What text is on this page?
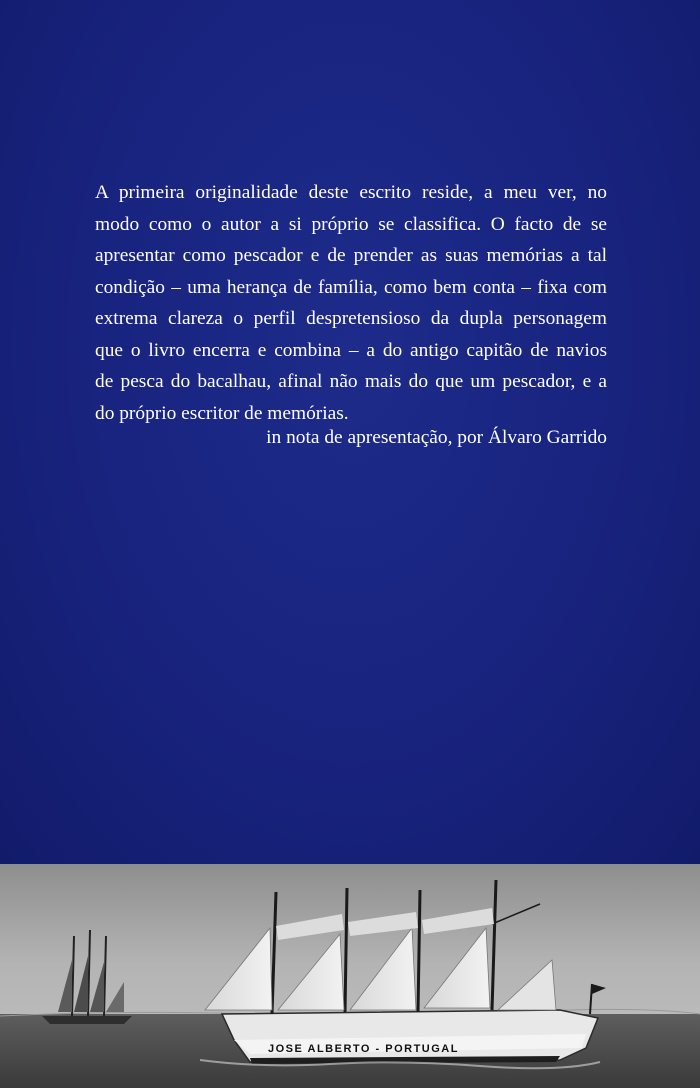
A primeira originalidade deste escrito reside, a meu ver, no
modo como o autor a si próprio se classifica. O facto de se
apresentar como pescador e de prender as suas memórias a tal
condição – uma herança de família, como bem conta – fixa com
extrema clareza o perfil despretensioso da dupla personagem
que o livro encerra e combina – a do antigo capitão de navios
de pesca do bacalhau, afinal não mais do que um pescador, e a
do próprio escritor de memórias.
in nota de apresentação, por Álvaro Garrido
JOSE ALBERTO - PORTUGAL
